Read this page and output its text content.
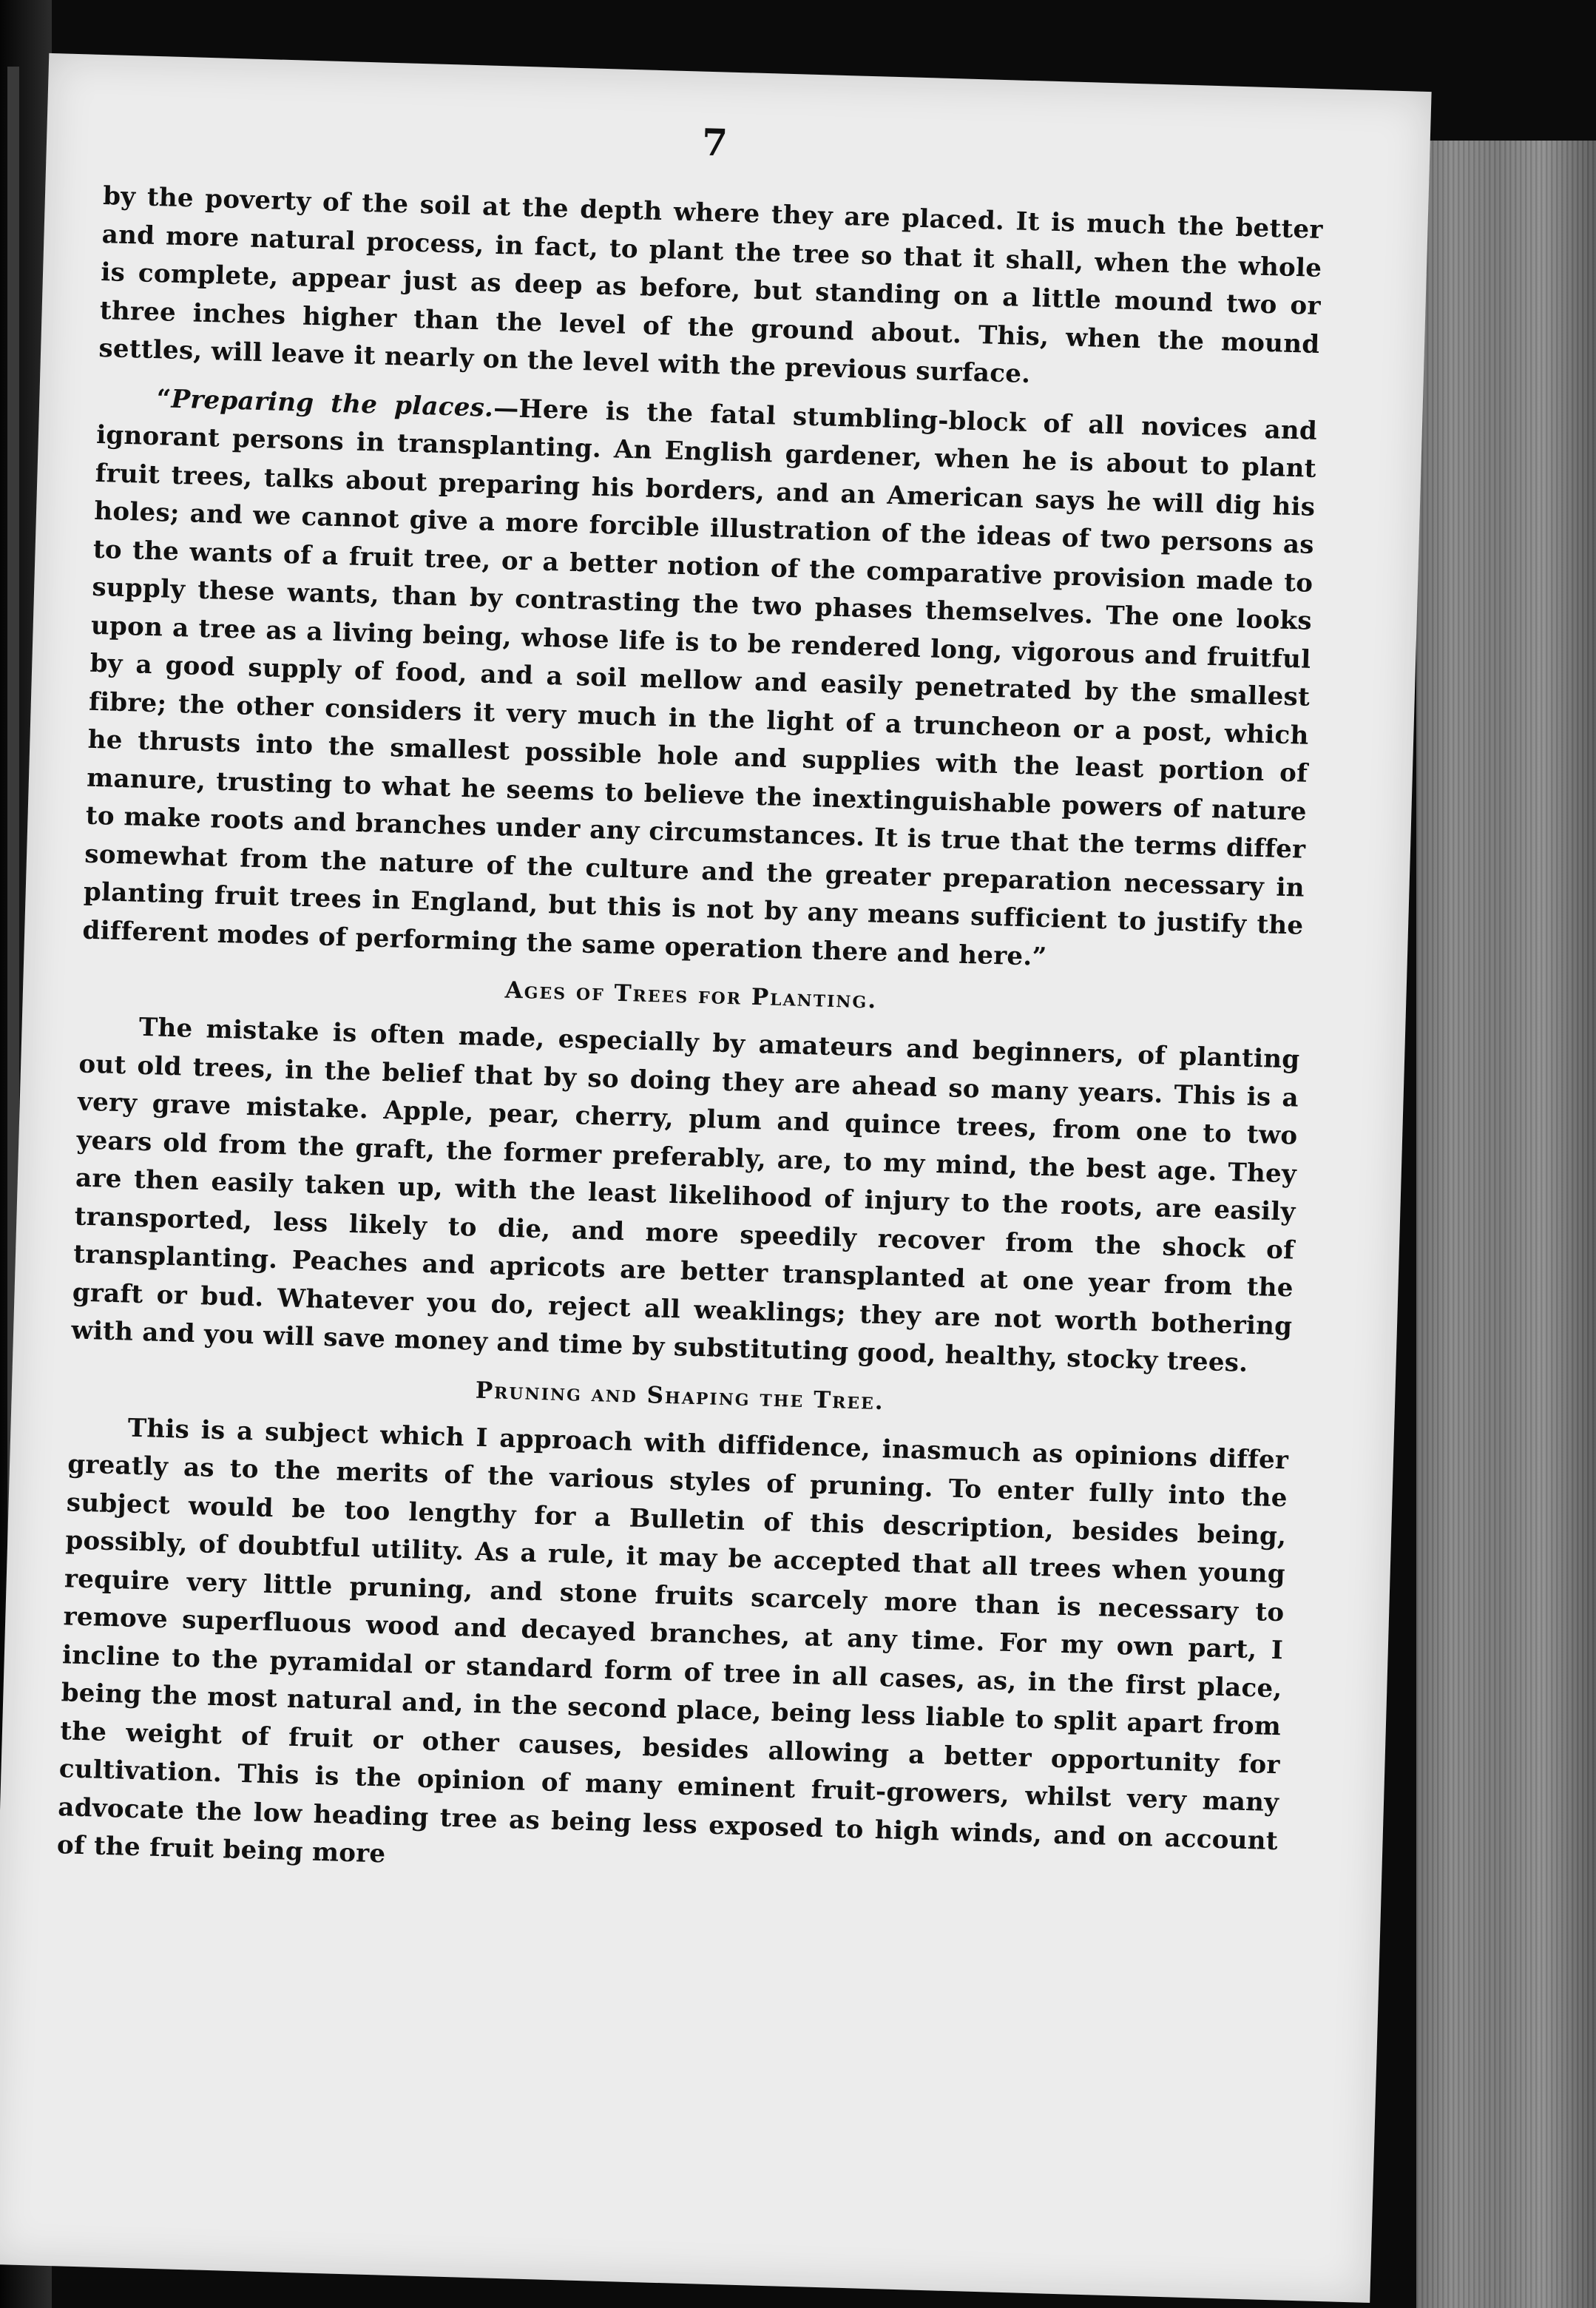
by the poverty of the soil at the depth where they are placed. It is much the better and more natural process, in fact, to plant the tree so that it shall, when the whole is complete, appear just as deep as before, but standing on a little mound two or three inches higher than the level of the ground about. This, when the mound settles, will leave it nearly on the level with the previous surface.

“Preparing the places.—Here is the fatal stumbling-block of all novices and ignorant persons in transplanting. An English gardener, when he is about to plant fruit trees, talks about preparing his borders, and an American says he will dig his holes; and we cannot give a more forcible illustration of the ideas of two persons as to the wants of a fruit tree, or a better notion of the comparative provision made to supply these wants, than by contrasting the two phases themselves. The one looks upon a tree as a living being, whose life is to be rendered long, vigorous and fruitful by a good supply of food, and a soil mellow and easily penetrated by the smallest fibre; the other considers it very much in the light of a truncheon or a post, which he thrusts into the smallest possible hole and supplies with the least portion of manure, trusting to what he seems to believe the inextinguishable powers of nature to make roots and branches under any circumstances. It is true that the terms differ somewhat from the nature of the culture and the greater preparation necessary in planting fruit trees in England, but this is not by any means sufficient to justify the different modes of performing the same operation there and here.”

Ages of Trees for Planting.

The mistake is often made, especially by amateurs and beginners, of planting out old trees, in the belief that by so doing they are ahead so many years. This is a very grave mistake. Apple, pear, cherry, plum and quince trees, from one to two years old from the graft, the former preferably, are, to my mind, the best age. They are then easily taken up, with the least likelihood of injury to the roots, are easily transported, less likely to die, and more speedily recover from the shock of transplanting. Peaches and apricots are better transplanted at one year from the graft or bud. Whatever you do, reject all weaklings; they are not worth bothering with and you will save money and time by substituting good, healthy, stocky trees.

Pruning and Shaping the Tree.

This is a subject which I approach with diffidence, inasmuch as opinions differ greatly as to the merits of the various styles of pruning. To enter fully into the subject would be too lengthy for a Bulletin of this description, besides being, possibly, of doubtful utility. As a rule, it may be accepted that all trees when young require very little pruning, and stone fruits scarcely more than is necessary to remove superfluous wood and decayed branches, at any time. For my own part, I incline to the pyramidal or standard form of tree in all cases, as, in the first place, being the most natural and, in the second place, being less liable to split apart from the weight of fruit or other causes, besides allowing a better opportunity for cultivation. This is the opinion of many eminent fruit-growers, whilst very many advocate the low heading tree as being less exposed to high winds, and on account of the fruit being more
